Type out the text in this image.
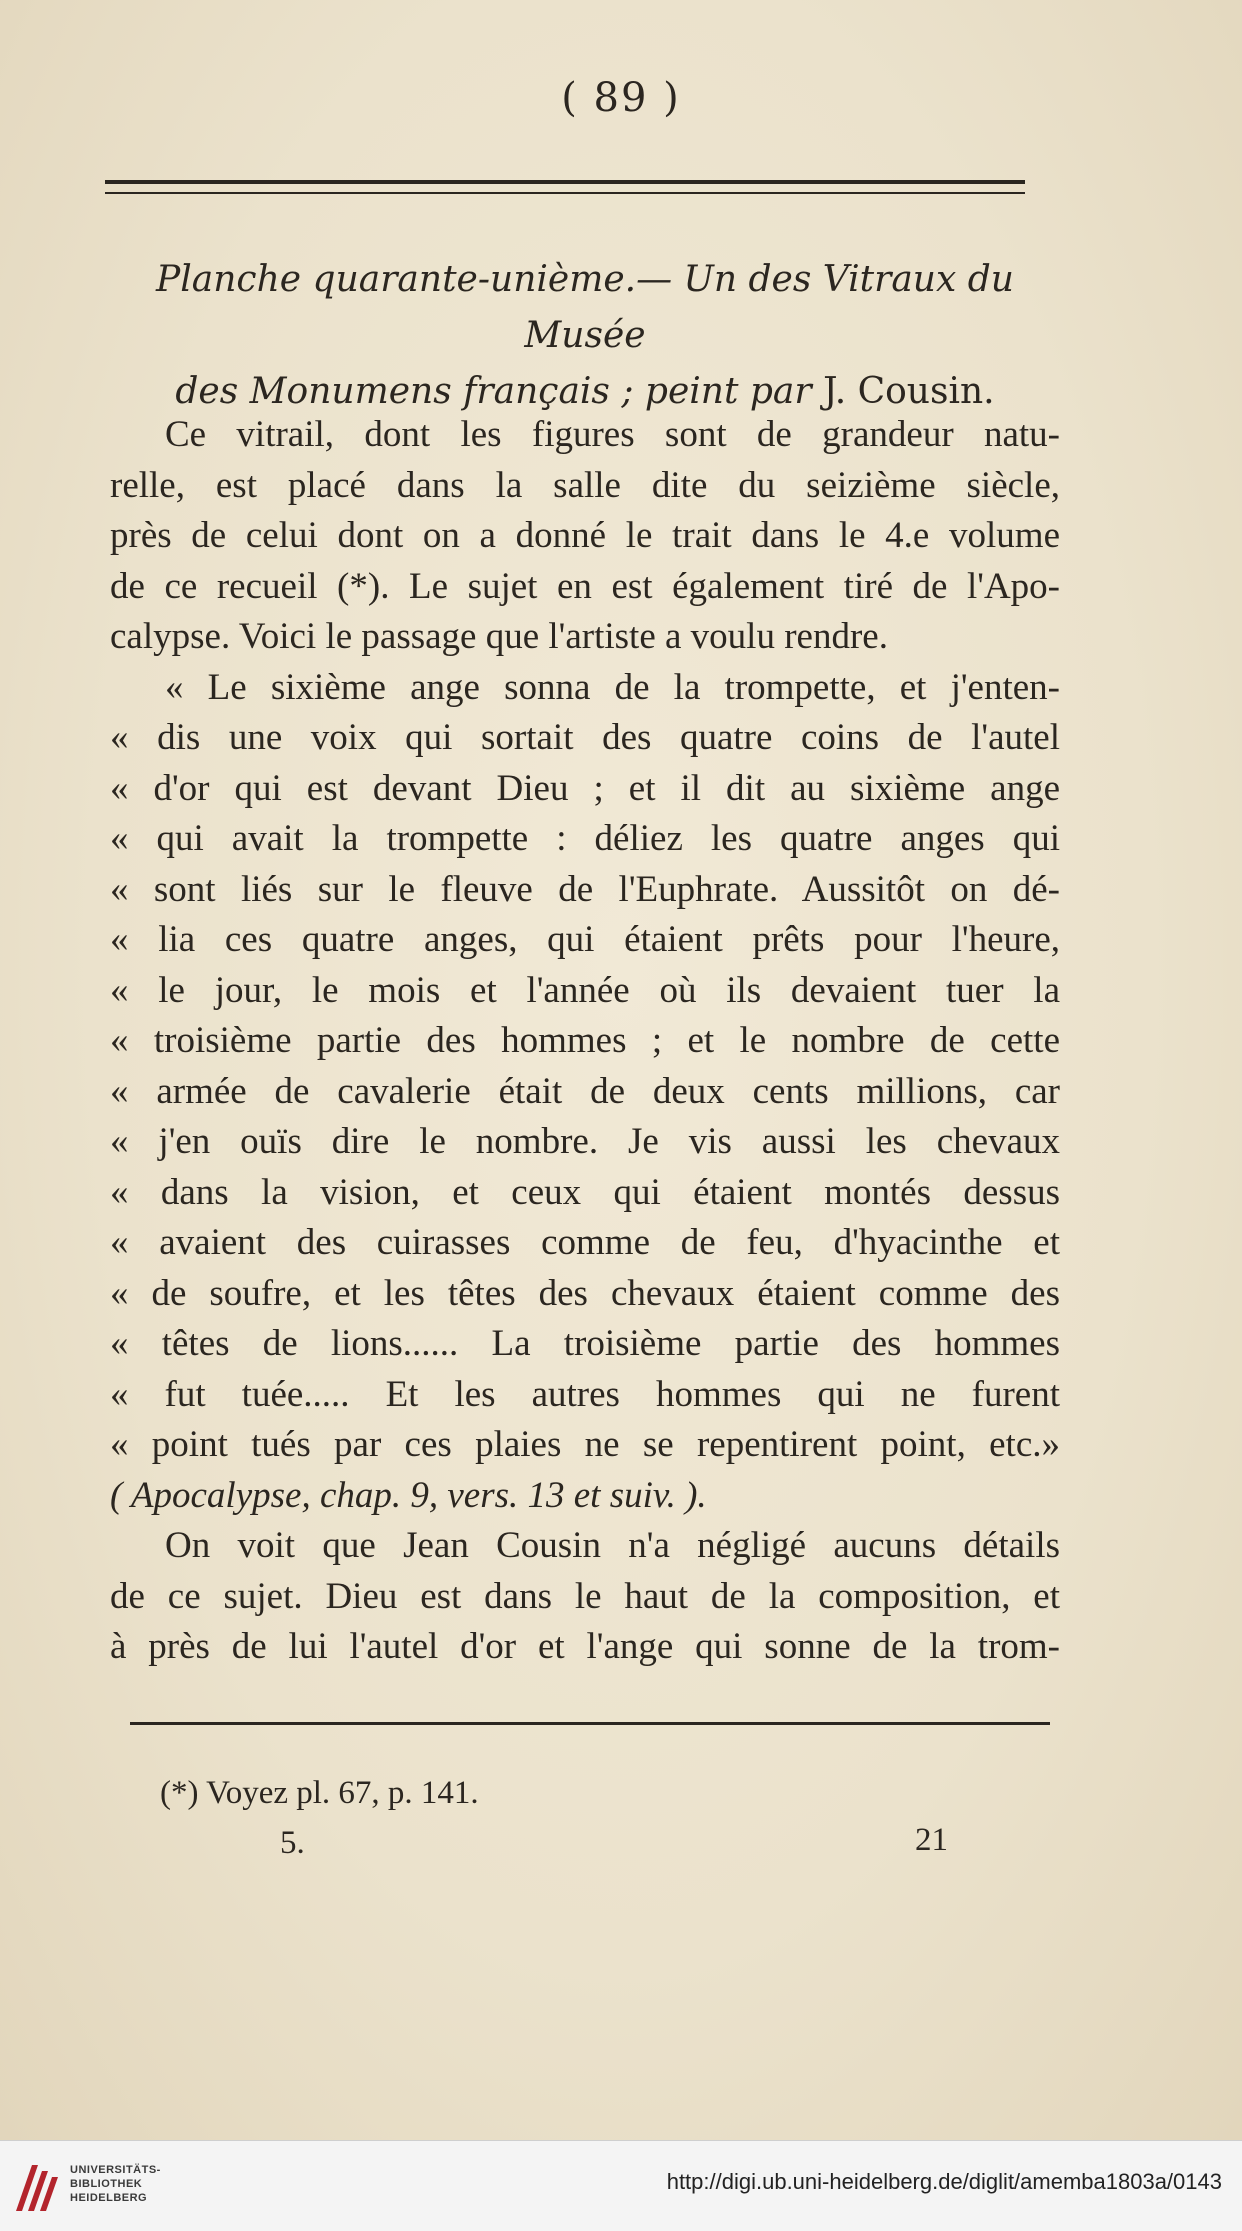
( 89 )
Planche quarante-unième.— Un des Vitraux du Musée
des Monumens français ; peint par J. Cousin.
Ce vitrail, dont les figures sont de grandeur natu-
relle, est placé dans la salle dite du seizième siècle,
près de celui dont on a donné le trait dans le 4.e volume
de ce recueil (*). Le sujet en est également tiré de l'Apo-
calypse. Voici le passage que l'artiste a voulu rendre.
« Le sixième ange sonna de la trompette, et j'enten-
« dis une voix qui sortait des quatre coins de l'autel
« d'or qui est devant Dieu ; et il dit au sixième ange
« qui avait la trompette : déliez les quatre anges qui
« sont liés sur le fleuve de l'Euphrate. Aussitôt on dé-
« lia ces quatre anges, qui étaient prêts pour l'heure,
« le jour, le mois et l'année où ils devaient tuer la
« troisième partie des hommes ; et le nombre de cette
« armée de cavalerie était de deux cents millions, car
« j'en ouïs dire le nombre. Je vis aussi les chevaux
« dans la vision, et ceux qui étaient montés dessus
« avaient des cuirasses comme de feu, d'hyacinthe et
« de soufre, et les têtes des chevaux étaient comme des
« têtes de lions...... La troisième partie des hommes
« fut tuée..... Et les autres hommes qui ne furent
« point tués par ces plaies ne se repentirent point, etc.»
( Apocalypse, chap. 9, vers. 13 et suiv. ).
On voit que Jean Cousin n'a négligé aucuns détails
de ce sujet. Dieu est dans le haut de la composition, et
à près de lui l'autel d'or et l'ange qui sonne de la trom-
(*) Voyez pl. 67, p. 141.
5.	21
UNIVERSITÄTS-
BIBLIOTHEK
HEIDELBERG
http://digi.ub.uni-heidelberg.de/diglit/amemba1803a/0143
